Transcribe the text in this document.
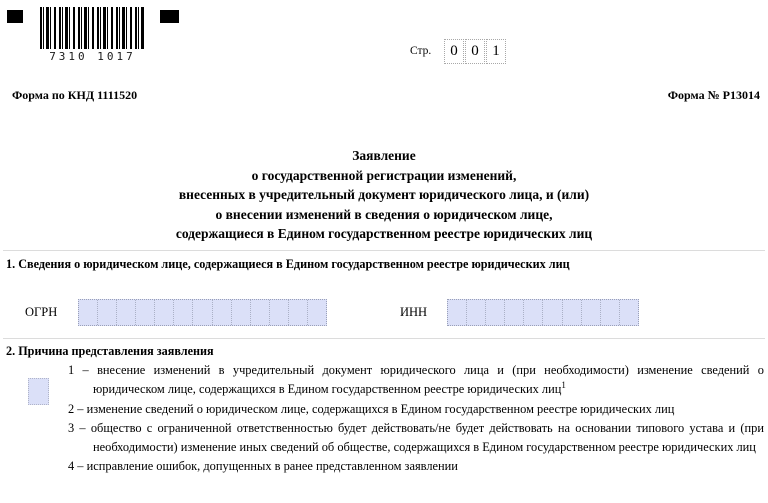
7310 1017	Стр.	0 0 1
Форма по КНД 1111520	Форма № Р13014
Заявление
о государственной регистрации изменений,
внесенных в учредительный документ юридического лица, и (или)
о внесении изменений в сведения о юридическом лице,
содержащиеся в Едином государственном реестре юридических лиц
1. Сведения о юридическом лице, содержащиеся в Едином государственном реестре юридических лиц
ОГРН	ИНН
2. Причина представления заявления
1 – внесение изменений в учредительный документ юридического лица и (при необходимости) изменение сведений о юридическом лице, содержащихся в Едином государственном реестре юридических лиц$^1$
2 – изменение сведений о юридическом лице, содержащихся в Едином государственном реестре юридических лиц
3 – общество с ограниченной ответственностью будет действовать/не будет действовать на основании типового устава и (при необходимости) изменение иных сведений об обществе, содержащихся в Едином государственном реестре юридических лиц
4 – исправление ошибок, допущенных в ранее представленном заявлении
